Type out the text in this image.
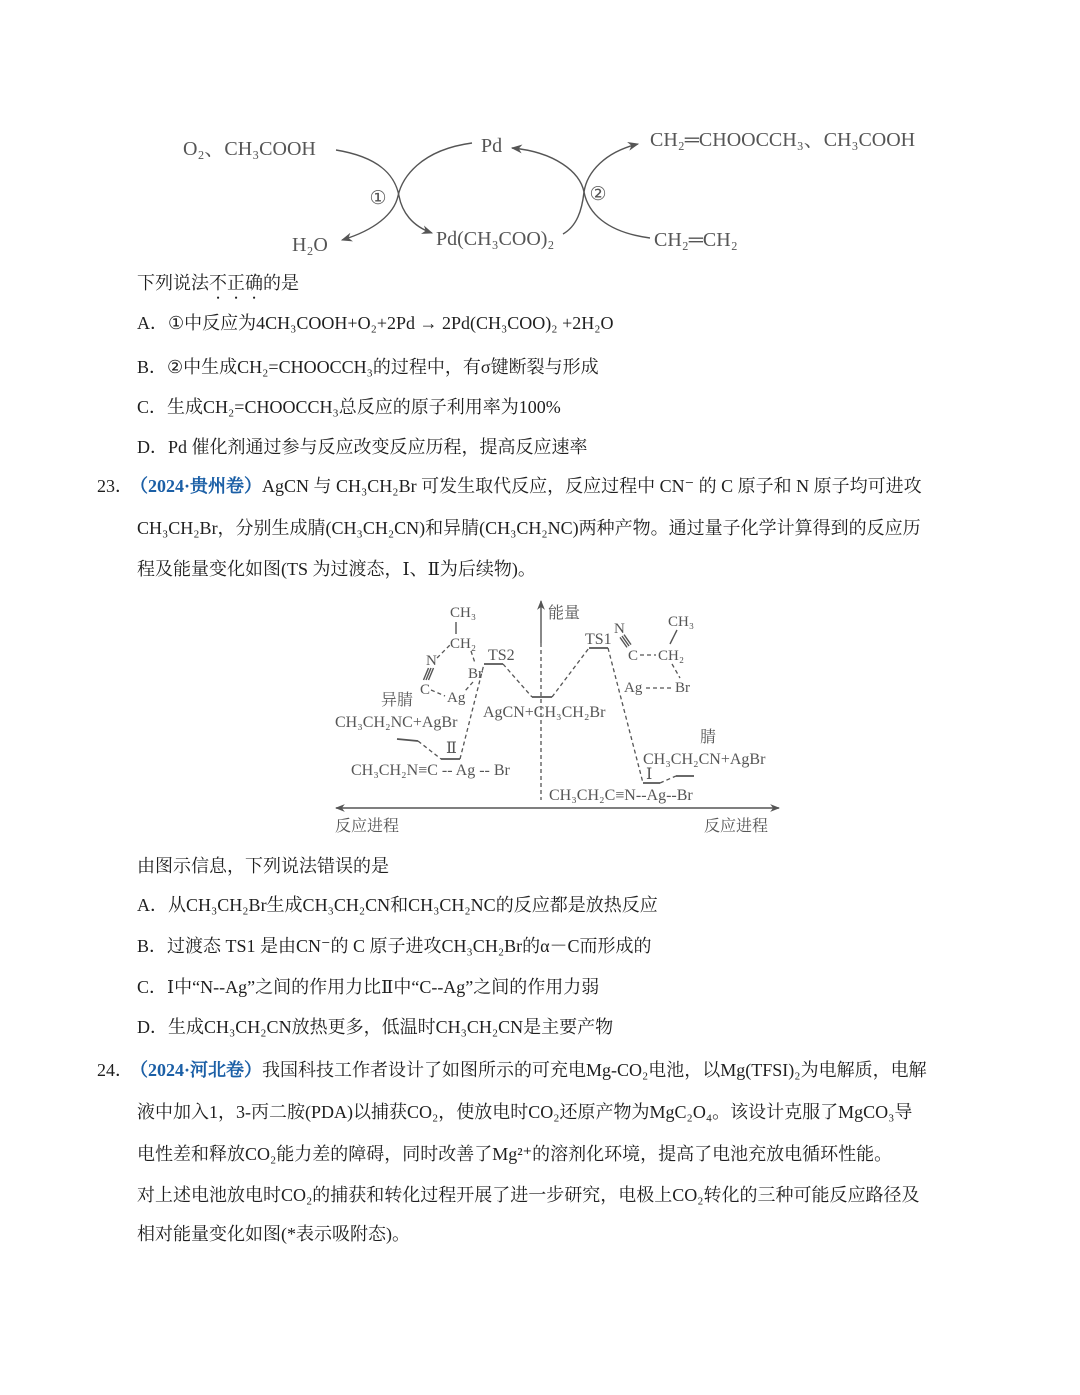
O₂、CH₃COOH	Pd	CH₂═CHOOCCH₃、CH₃COOH
①	②
H₂O	Pd(CH₃COO)₂	CH₂═CH₂
下列说法不正确的是
A．①中反应为4CH₃COOH+O₂+2Pd → 2Pd(CH₃COO)₂ +2H₂O
B．②中生成CH₂=CHOOCCH₃的过程中，有σ键断裂与形成
C．生成CH₂=CHOOCCH₃总反应的原子利用率为100%
D．Pd 催化剂通过参与反应改变反应历程，提高反应速率
23．（2024·贵州卷）AgCN 与 CH₃CH₂Br 可发生取代反应，反应过程中 CN⁻ 的 C 原子和 N 原子均可进攻
CH₃CH₂Br，分别生成腈(CH₃CH₂CN)和异腈(CH₃CH₂NC)两种产物。通过量子化学计算得到的反应历
程及能量变化如图(TS 为过渡态，Ⅰ、Ⅱ为后续物)。
CH₃
CH₂
N
C Ag
Br
N
C
CH₃
CH₂
Ag Br
能量
TS2
TS1
异腈
CH₃CH₂NC+AgBr
AgCN+CH₃CH₂Br
Ⅱ
CH₃CH₂N≡C -- Ag -- Br
腈
CH₃CH₂CN+AgBr
Ⅰ
CH₃CH₂C≡N--Ag--Br
反应进程	反应进程
由图示信息，下列说法错误的是
A．从CH₃CH₂Br生成CH₃CH₂CN和CH₃CH₂NC的反应都是放热反应
B．过渡态 TS1 是由CN⁻的 C 原子进攻CH₃CH₂Br的α－C而形成的
C．Ⅰ中“N--Ag”之间的作用力比Ⅱ中“C--Ag”之间的作用力弱
D．生成CH₃CH₂CN放热更多，低温时CH₃CH₂CN是主要产物
24．（2024·河北卷）我国科技工作者设计了如图所示的可充电Mg-CO₂电池，以Mg(TFSI)₂为电解质，电解
液中加入1，3-丙二胺(PDA)以捕获CO₂，使放电时CO₂还原产物为MgC₂O₄。该设计克服了MgCO₃导
电性差和释放CO₂能力差的障碍，同时改善了Mg²⁺的溶剂化环境，提高了电池充放电循环性能。
对上述电池放电时CO₂的捕获和转化过程开展了进一步研究，电极上CO₂转化的三种可能反应路径及
相对能量变化如图(*表示吸附态)。
